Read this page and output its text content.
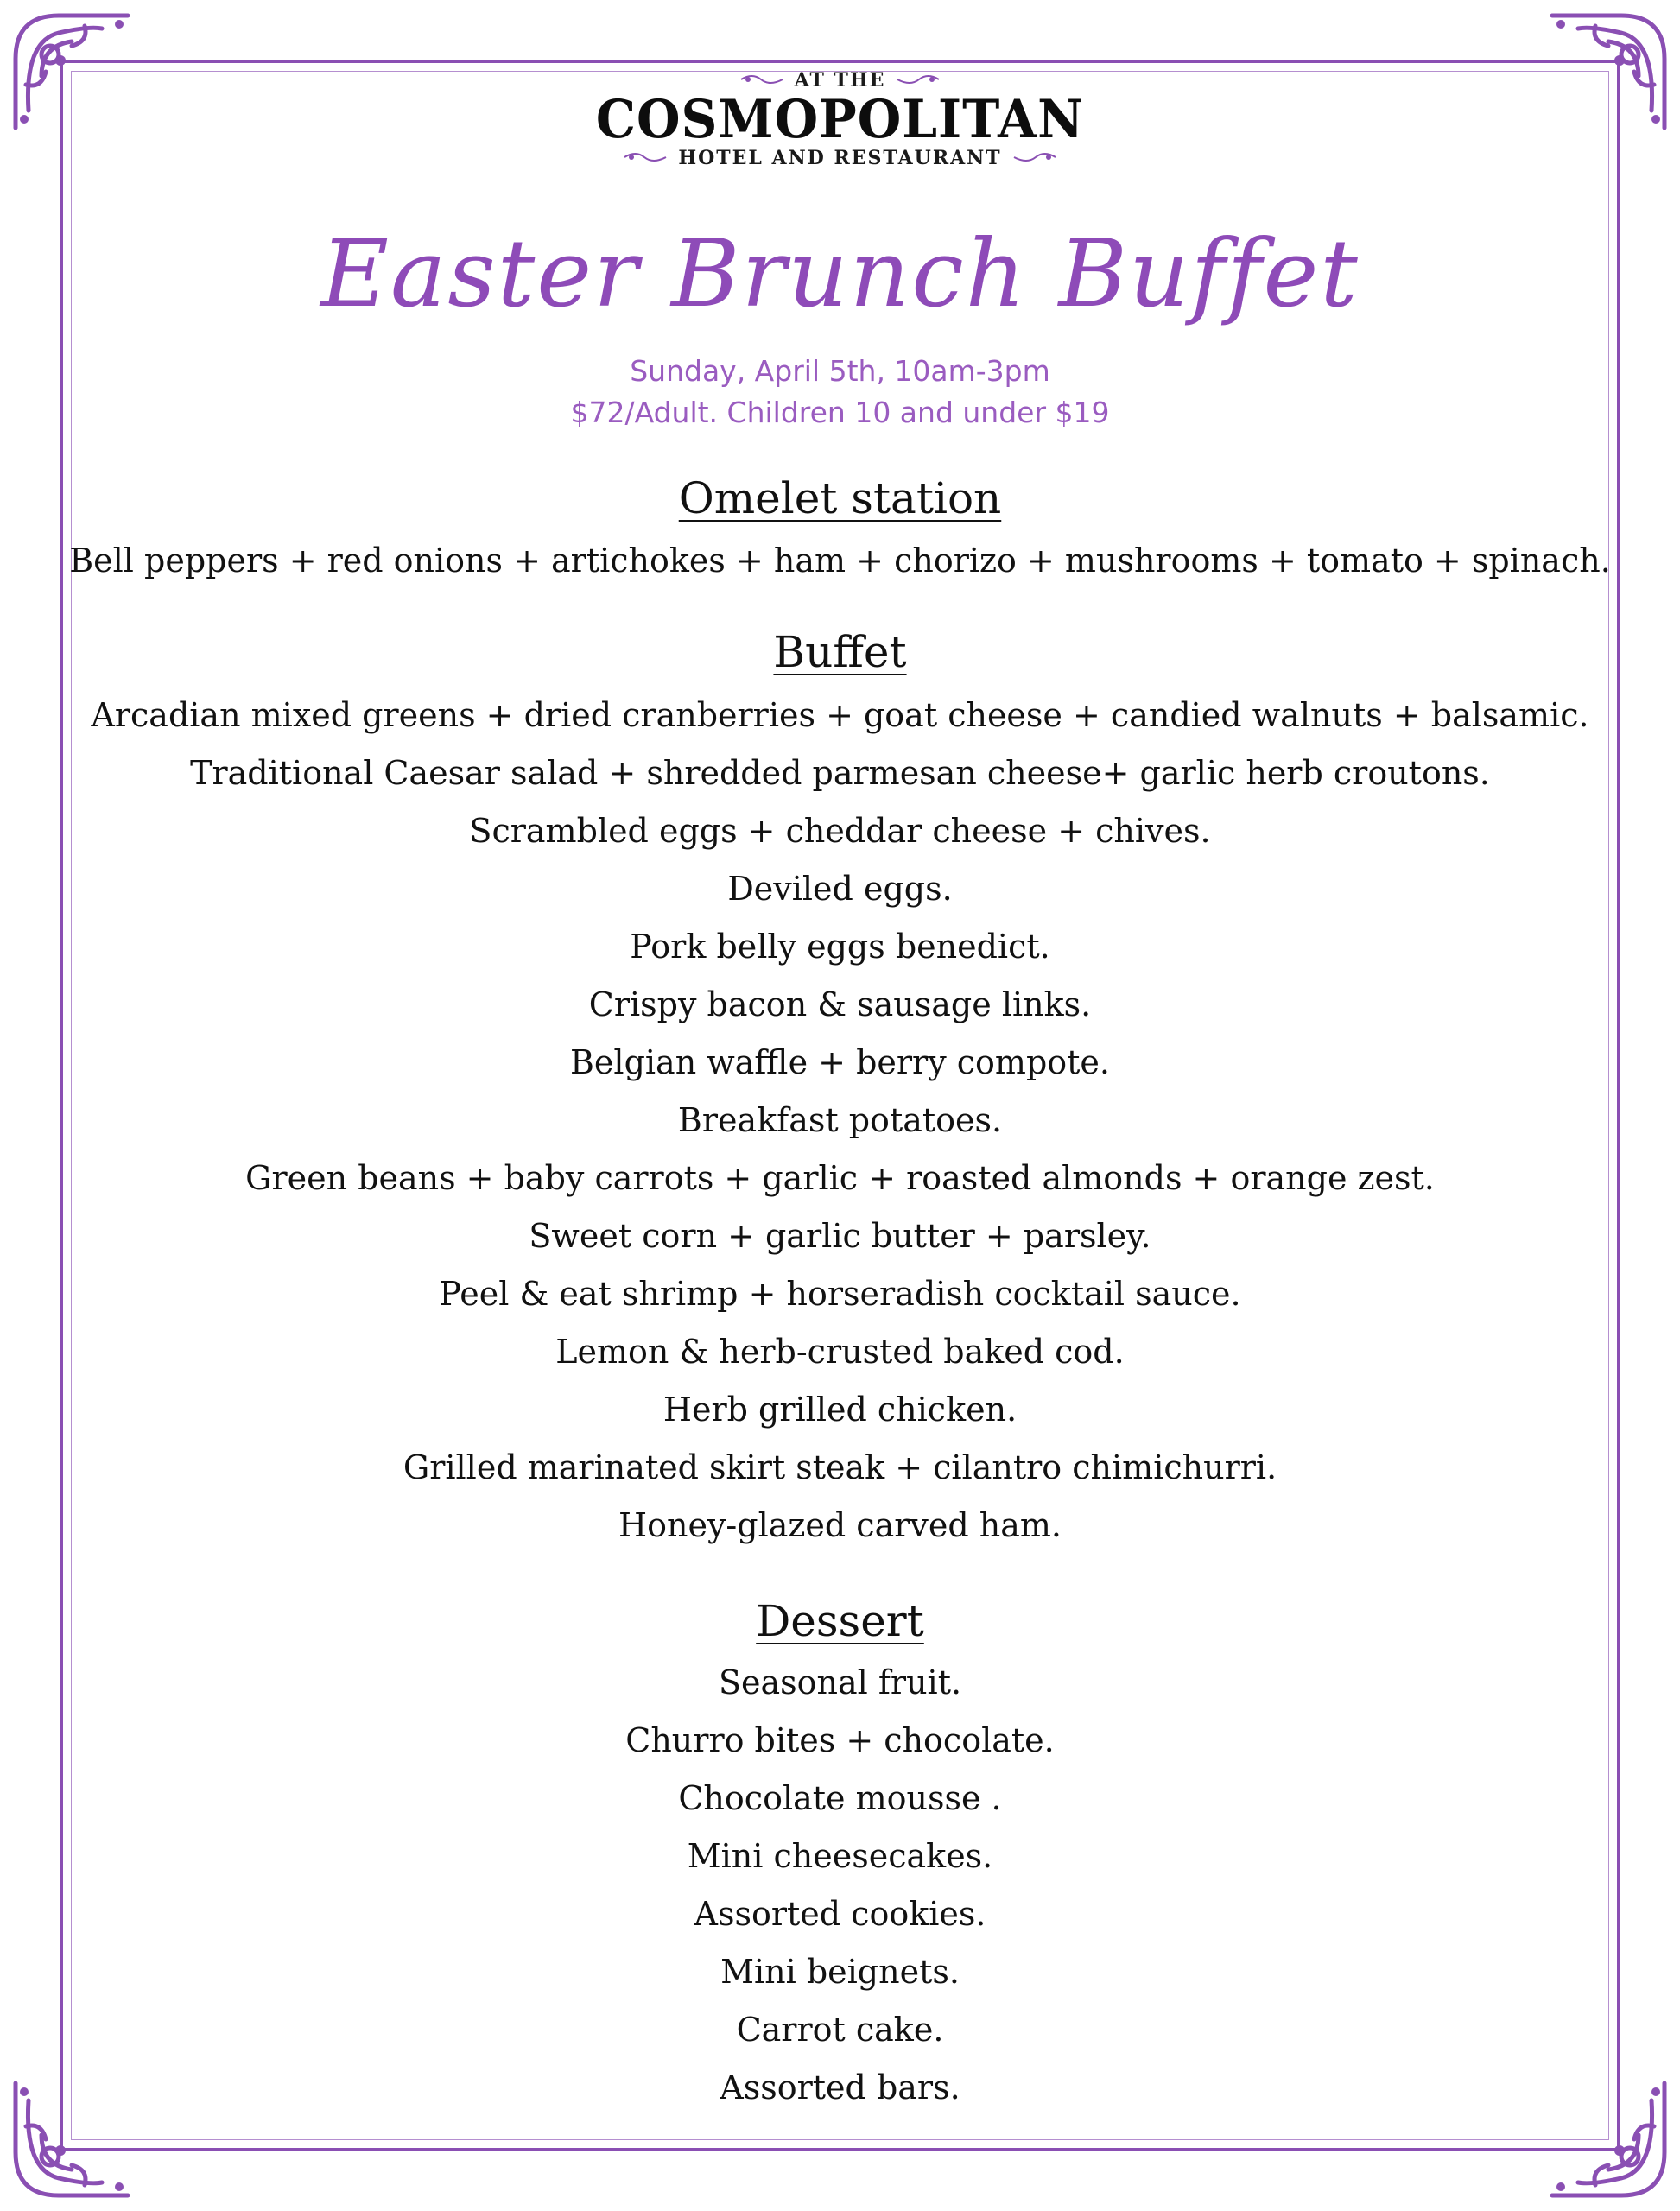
AT THE
COSMOPOLITAN
HOTEL AND RESTAURANT
Easter Brunch Buffet
Sunday, April 5th, 10am-3pm
$72/Adult. Children 10 and under $19
Omelet station
Bell peppers + red onions + artichokes + ham + chorizo + mushrooms + tomato + spinach.
Buffet
Arcadian mixed greens + dried cranberries + goat cheese + candied walnuts + balsamic.
Traditional Caesar salad + shredded parmesan cheese+ garlic herb croutons.
Scrambled eggs + cheddar cheese + chives.
Deviled eggs.
Pork belly eggs benedict.
Crispy bacon & sausage links.
Belgian waffle + berry compote.
Breakfast potatoes.
Green beans + baby carrots + garlic + roasted almonds + orange zest.
Sweet corn + garlic butter + parsley.
Peel & eat shrimp + horseradish cocktail sauce.
Lemon & herb-crusted baked cod.
Herb grilled chicken.
Grilled marinated skirt steak + cilantro chimichurri.
Honey-glazed carved ham.
Dessert
Seasonal fruit.
Churro bites + chocolate.
Chocolate mousse .
Mini cheesecakes.
Assorted cookies.
Mini beignets.
Carrot cake.
Assorted bars.
